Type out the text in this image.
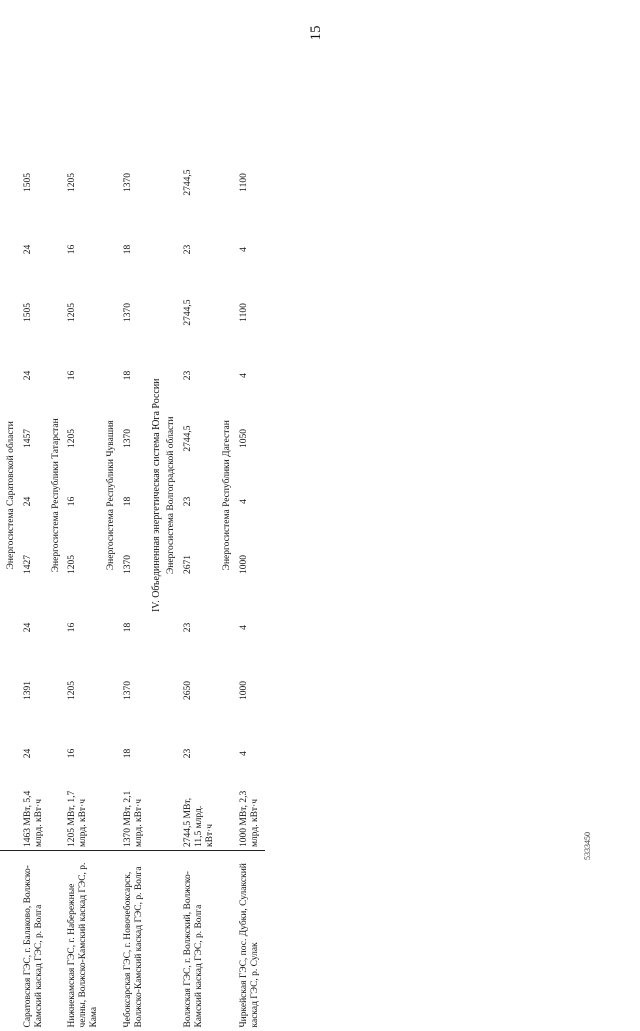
15
5333450

	Энергосистема Саратовской области										
Саратовская ГЭС, г. Балаково, Волжско-Камский каскад ГЭС, р. Волга	1463 МВт, 5,4 млрд. кВт·ч	24	1391	24	1427	24	1457	24	1505	24	1505
	Энергосистема Республики Татарстан										
Нижнекамская ГЭС, г. Набережные челны, Волжско-Камский каскад ГЭС, р. Кама	1205 МВт, 1,7 млрд. кВт·ч	16	1205	16	1205	16	1205	16	1205	16	1205
	Энергосистема Республики Чувашия										
Чебоксарская ГЭС, г. Новочебоксарск, Волжско-Камский каскад ГЭС, р. Волга	1370 МВт, 2,1 млрд. кВт·ч	18	1370	18	1370	18	1370	18	1370	18	1370
	IV. Объединенная энергетическая система Юга России										
	Энергосистема Волгоградской области										
Волжская ГЭС, г. Волжский, Волжско-Камский каскад ГЭС, р. Волга	2744,5 МВт, 11,5 млрд. кВт·ч	23	2650	23	2671	23	2744,5	23	2744,5	23	2744,5
	Энергосистема Республики Дагестан										
Чиркейская ГЭС, пос. Дубки, Сулакский каскад ГЭС, р. Сулак	1000 МВт, 2,3 млрд. кВт·ч	4	1000	4	1000	4	1050	4	1100	4	1100
